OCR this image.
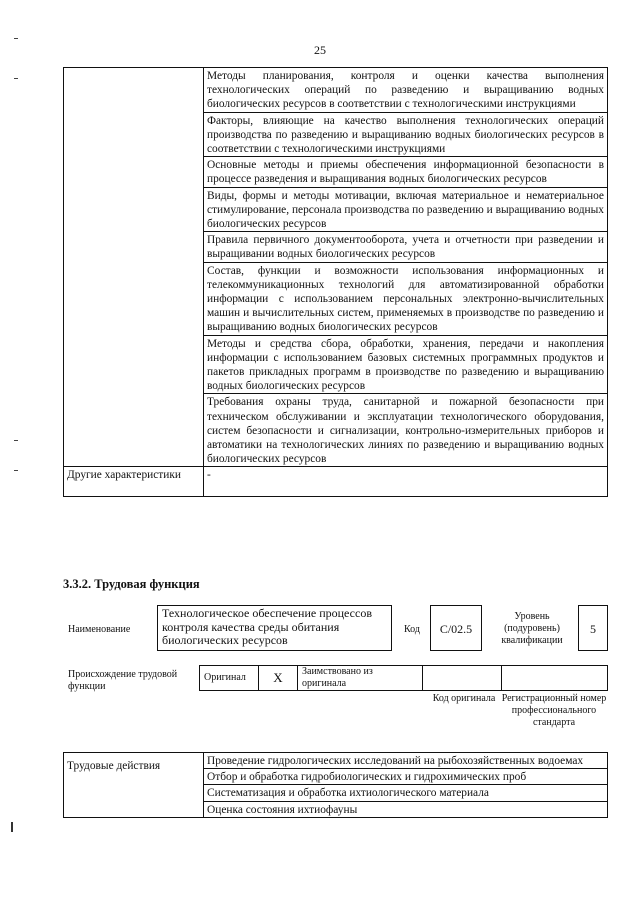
25
	Методы планирования, контроля и оценки качества выполнения технологических операций по разведению и выращиванию водных биологических ресурсов в соответствии с технологическими инструкциями
	Факторы, влияющие на качество выполнения технологических операций производства по разведению и выращиванию водных биологических ресурсов в соответствии с технологическими инструкциями
	Основные методы и приемы обеспечения информационной безопасности в процессе разведения и выращивания водных биологических ресурсов
	Виды, формы и методы мотивации, включая материальное и нематериальное стимулирование, персонала производства по разведению и выращиванию водных биологических ресурсов
	Правила первичного документооборота, учета и отчетности при разведении и выращивании водных биологических ресурсов
	Состав, функции и возможности использования информационных и телекоммуникационных технологий для автоматизированной обработки информации с использованием персональных электронно-вычислительных машин и вычислительных систем, применяемых в производстве по разведению и выращиванию водных биологических ресурсов
	Методы и средства сбора, обработки, хранения, передачи и накопления информации с использованием базовых системных программных продуктов и пакетов прикладных программ в производстве по разведению и выращиванию водных биологических ресурсов
	Требования охраны труда, санитарной и пожарной безопасности при техническом обслуживании и эксплуатации технологического оборудования, систем безопасности и сигнализации, контрольно-измерительных приборов и автоматики на технологических линиях по разведению и выращиванию водных биологических ресурсов
Другие характеристики	-
3.3.2. Трудовая функция
Наименование
Технологическое обеспечение процессов контроля качества среды обитания биологических ресурсов
Код	C/02.5
Уровень (подуровень) квалификации
5
Происхождение трудовой функции
Оригинал	X	Заимствовано из оригинала		
Код оригинала Регистрационный номер профессионального стандарта
Трудовые действия	Проведение гидрологических исследований на рыбохозяйственных водоемах
Отбор и обработка гидробиологических и гидрохимических проб
Систематизация и обработка ихтиологического материала
Оценка состояния ихтиофауны
